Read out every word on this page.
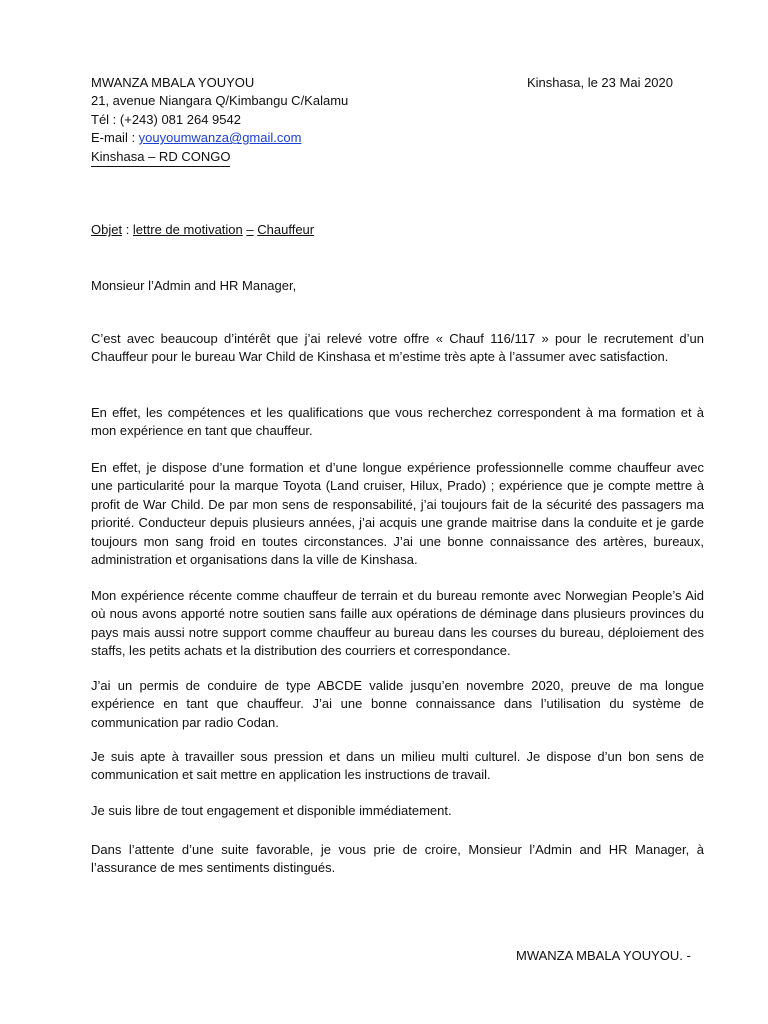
MWANZA MBALA YOUYOU
21, avenue Niangara Q/Kimbangu C/Kalamu
Tél : (+243) 081 264 9542
E-mail : youyoumwanza@gmail.com
Kinshasa – RD CONGO
Kinshasa, le 23 Mai 2020
Objet : lettre de motivation – Chauffeur
Monsieur l’Admin and HR Manager,
C’est avec beaucoup d’intérêt que j’ai relevé votre offre « Chauf 116/117 » pour le recrutement d’un Chauffeur pour le bureau War Child de Kinshasa et m’estime très apte à l’assumer avec satisfaction.
En effet, les compétences et les qualifications que vous recherchez correspondent à ma formation et à mon expérience en tant que chauffeur.
En effet, je dispose d’une formation et d’une longue expérience professionnelle comme chauffeur avec une particularité pour la marque Toyota (Land cruiser, Hilux, Prado) ; expérience que je compte mettre à profit de War Child. De par mon sens de responsabilité, j’ai toujours fait de la sécurité des passagers ma priorité. Conducteur depuis plusieurs années, j’ai acquis une grande maitrise dans la conduite et je garde toujours mon sang froid en toutes circonstances. J’ai une bonne connaissance des artères, bureaux, administration et organisations dans la ville de Kinshasa.
Mon expérience récente comme chauffeur de terrain et du bureau remonte avec Norwegian People’s Aid où nous avons apporté notre soutien sans faille aux opérations de déminage dans plusieurs provinces du pays mais aussi notre support comme chauffeur au bureau dans les courses du bureau, déploiement des staffs, les petits achats et la distribution des courriers et correspondance.
J’ai un permis de conduire de type ABCDE valide jusqu’en novembre 2020, preuve de ma longue expérience en tant que chauffeur. J’ai une bonne connaissance dans l’utilisation du système de communication par radio Codan.
Je suis apte à travailler sous pression et dans un milieu multi culturel. Je dispose d’un bon sens de communication et sait mettre en application les instructions de travail.
Je suis libre de tout engagement et disponible immédiatement.
Dans l’attente d’une suite favorable, je vous prie de croire, Monsieur l’Admin and HR Manager, à l’assurance de mes sentiments distingués.
MWANZA MBALA YOUYOU. -
